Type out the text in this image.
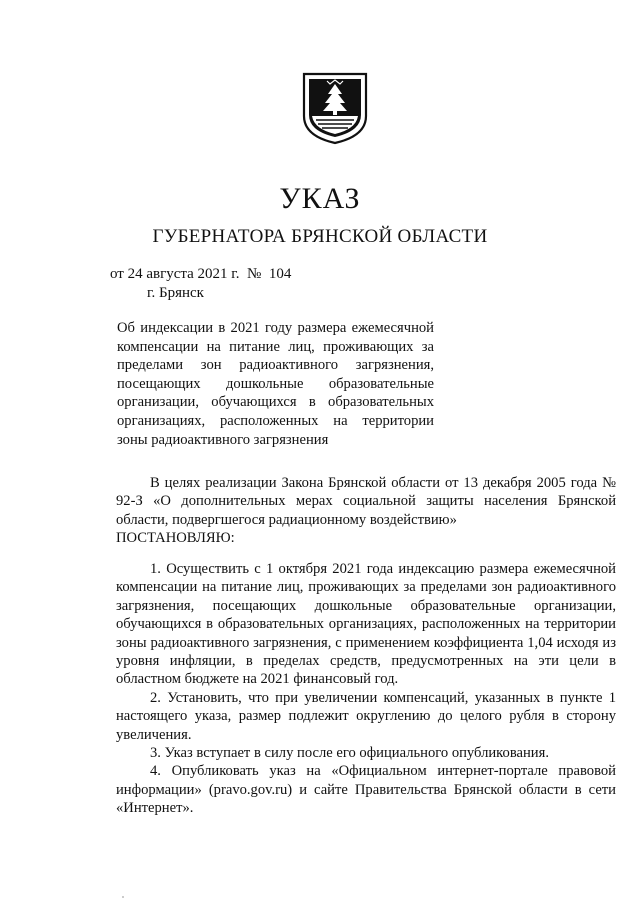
УКАЗ
ГУБЕРНАТОРА БРЯНСКОЙ ОБЛАСТИ
от 24 августа 2021 г.  №  104
г. Брянск
Об индексации в 2021 году размера ежемесячной компенсации на питание лиц, проживающих за пределами зон радиоактивного загрязнения, посещающих дошкольные образовательные организации, обучающихся в образовательных организациях, расположенных на территории зоны радиоактивного загрязнения

В целях реализации Закона Брянской области от 13 декабря 2005 года № 92-З «О дополнительных мерах социальной защиты населения Брянской области, подвергшегося радиационному воздействию»

ПОСТАНОВЛЯЮ:

1. Осуществить с 1 октября 2021 года индексацию размера ежемесячной компенсации на питание лиц, проживающих за пределами зон радиоактивного загрязнения, посещающих дошкольные образовательные организации, обучающихся в образовательных организациях, расположенных на территории зоны радиоактивного загрязнения, с применением коэффициента 1,04 исходя из уровня инфляции, в пределах средств, предусмотренных на эти цели в областном бюджете на 2021 финансовый год.

2. Установить, что при увеличении компенсаций, указанных в пункте 1 настоящего указа, размер подлежит округлению до целого рубля в сторону увеличения.

3. Указ вступает в силу после его официального опубликования.

4. Опубликовать указ на «Официальном интернет-портале правовой информации» (pravo.gov.ru) и сайте Правительства Брянской области в сети «Интернет».
